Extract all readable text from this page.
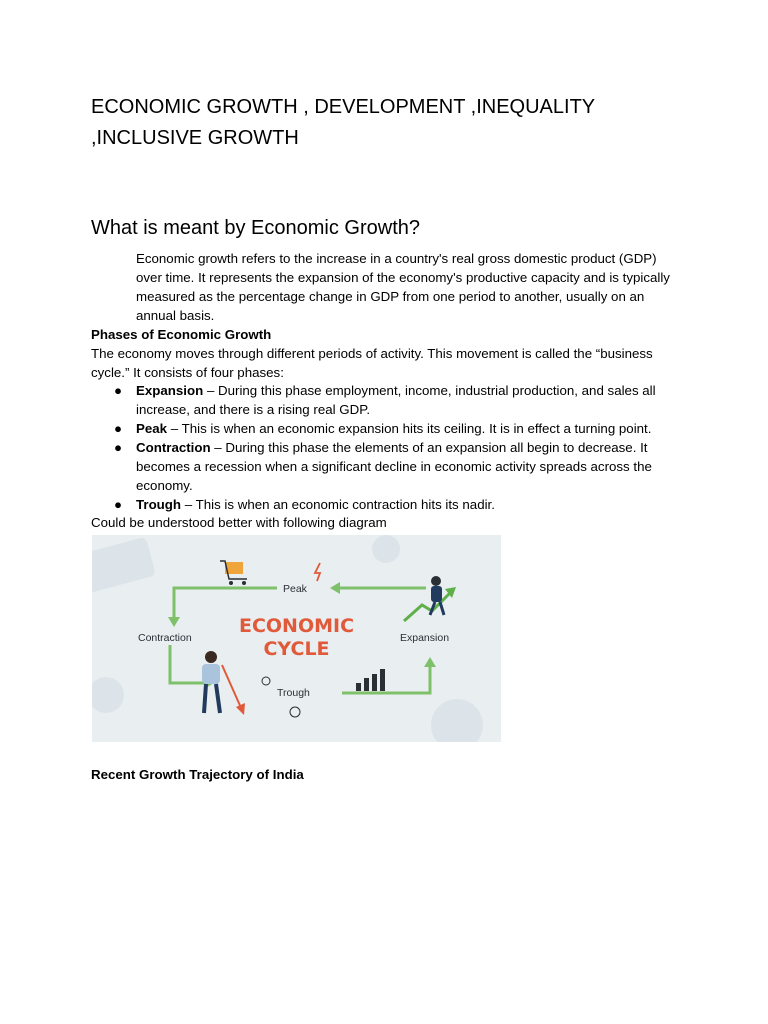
ECONOMIC GROWTH , DEVELOPMENT ,INEQUALITY ,INCLUSIVE GROWTH
What is meant by Economic Growth?

Economic growth refers to the increase in a country's real gross domestic product (GDP) over time. It represents the expansion of the economy's productive capacity and is typically measured as the percentage change in GDP from one period to another, usually on an annual basis.

Phases of Economic Growth

The economy moves through different periods of activity. This movement is called the “business cycle.” It consists of four phases:

● Expansion – During this phase employment, income, industrial production, and sales all increase, and there is a rising real GDP.
● Peak – This is when an economic expansion hits its ceiling. It is in effect a turning point.
● Contraction – During this phase the elements of an expansion all begin to decrease. It becomes a recession when a significant decline in economic activity spreads across the economy.
● Trough – This is when an economic contraction hits its nadir.

Could be understood better with following diagram

ECONOMIC
CYCLE
Peak
Contraction
Trough
Expansion

Recent Growth Trajectory of India
